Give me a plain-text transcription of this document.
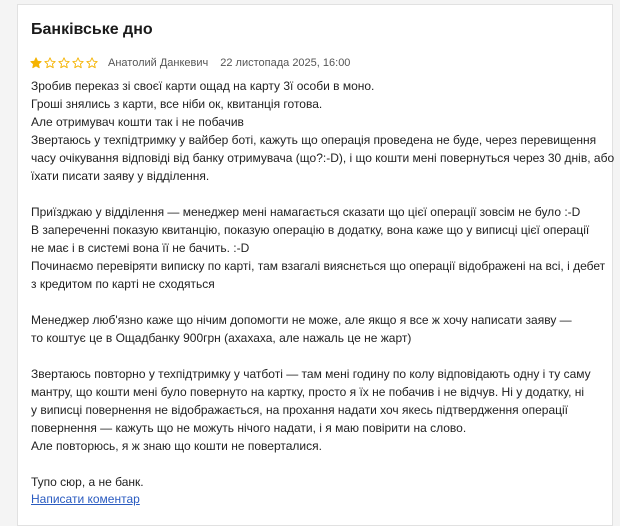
Банківське дно
Анатолий Данкевич 22 листопада 2025, 16:00
Зробив переказ зі своєї карти ощад на карту 3ї особи в моно.
Гроші знялись з карти, все ніби ок, квитанція готова.
Але отримувач кошти так і не побачив
Звертаюсь у техпідтримку у вайбер боті, кажуть що операція проведена не буде, через перевищення
часу очікування відповіді від банку отримувача (що?:-D), і що кошти мені повернуться через 30 днів, або
їхати писати заяву у відділення.
Приїзджаю у відділення — менеджер мені намагається сказати що цієї операції зовсім не було :-D
В запереченні показую квитанцію, показую операцію в додатку, вона каже що у виписці цієї операції
не має і в системі вона її не бачить. :-D
Починаємо перевіряти виписку по карті, там взагалі вияснється що операції відображені на всі, і дебет
з кредитом по карті не сходяться
Менеджер люб'язно каже що нічим допомогти не може, але якщо я все ж хочу написати заяву —
то коштує це в Ощадбанку 900грн (ахахаха, але нажаль це не жарт)
Звертаюсь повторно у техпідтримку у чатботі — там мені годину по колу відповідають одну і ту саму
мантру, що кошти мені було повернуто на картку, просто я їх не побачив і не відчув. Ні у додатку, ні
у виписці повернення не відображається, на прохання надати хоч якесь підтвердження операції
повернення — кажуть що не можуть нічого надати, і я маю повірити на слово.
Але повторюсь, я ж знаю що кошти не поверталися.
Тупо сюр, а не банк.
Написати коментар
